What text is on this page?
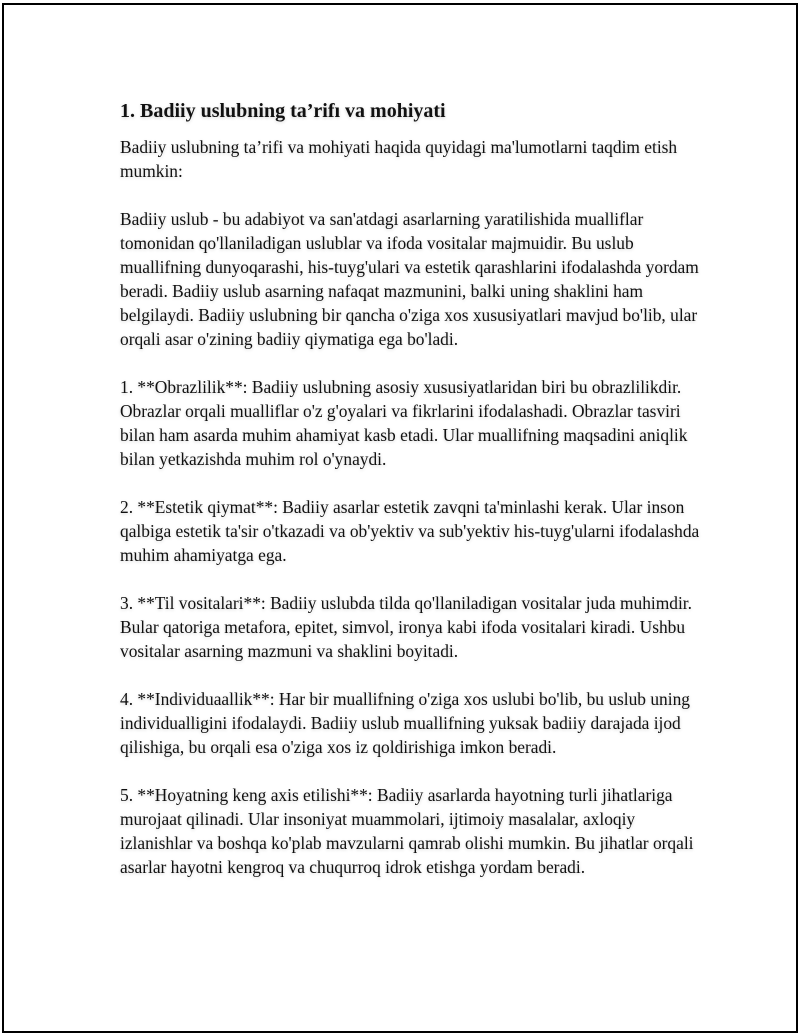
1. Badiiy uslubning ta’rifı va mohiyati

Badiiy uslubning ta’rifi va mohiyati haqida quyidagi ma'lumotlarni taqdim etish mumkin:

Badiiy uslub - bu adabiyot va san'atdagi asarlarning yaratilishida mualliflar tomonidan qo'llaniladigan uslublar va ifoda vositalar majmuidir. Bu uslub muallifning dunyoqarashi, his-tuyg'ulari va estetik qarashlarini ifodalashda yordam beradi. Badiiy uslub asarning nafaqat mazmunini, balki uning shaklini ham belgilaydi. Badiiy uslubning bir qancha o'ziga xos xususiyatlari mavjud bo'lib, ular orqali asar o'zining badiiy qiymatiga ega bo'ladi.

1. **Obrazlilik**: Badiiy uslubning asosiy xususiyatlaridan biri bu obrazlilikdir. Obrazlar orqali mualliflar o'z g'oyalari va fikrlarini ifodalashadi. Obrazlar tasviri bilan ham asarda muhim ahamiyat kasb etadi. Ular muallifning maqsadini aniqlik bilan yetkazishda muhim rol o'ynaydi.

2. **Estetik qiymat**: Badiiy asarlar estetik zavqni ta'minlashi kerak. Ular inson qalbiga estetik ta'sir o'tkazadi va ob'yektiv va sub'yektiv his-tuyg'ularni ifodalashda muhim ahamiyatga ega.

3. **Til vositalari**: Badiiy uslubda tilda qo'llaniladigan vositalar juda muhimdir. Bular qatoriga metafora, epitet, simvol, ironya kabi ifoda vositalari kiradi. Ushbu vositalar asarning mazmuni va shaklini boyitadi.

4. **Individuaallik**: Har bir muallifning o'ziga xos uslubi bo'lib, bu uslub uning individualligini ifodalaydi. Badiiy uslub muallifning yuksak badiiy darajada ijod qilishiga, bu orqali esa o'ziga xos iz qoldirishiga imkon beradi.

5. **Hoyatning keng axis etilishi**: Badiiy asarlarda hayotning turli jihatlariga murojaat qilinadi. Ular insoniyat muammolari, ijtimoiy masalalar, axloqiy izlanishlar va boshqa ko'plab mavzularni qamrab olishi mumkin. Bu jihatlar orqali asarlar hayotni kengroq va chuqurroq idrok etishga yordam beradi.
